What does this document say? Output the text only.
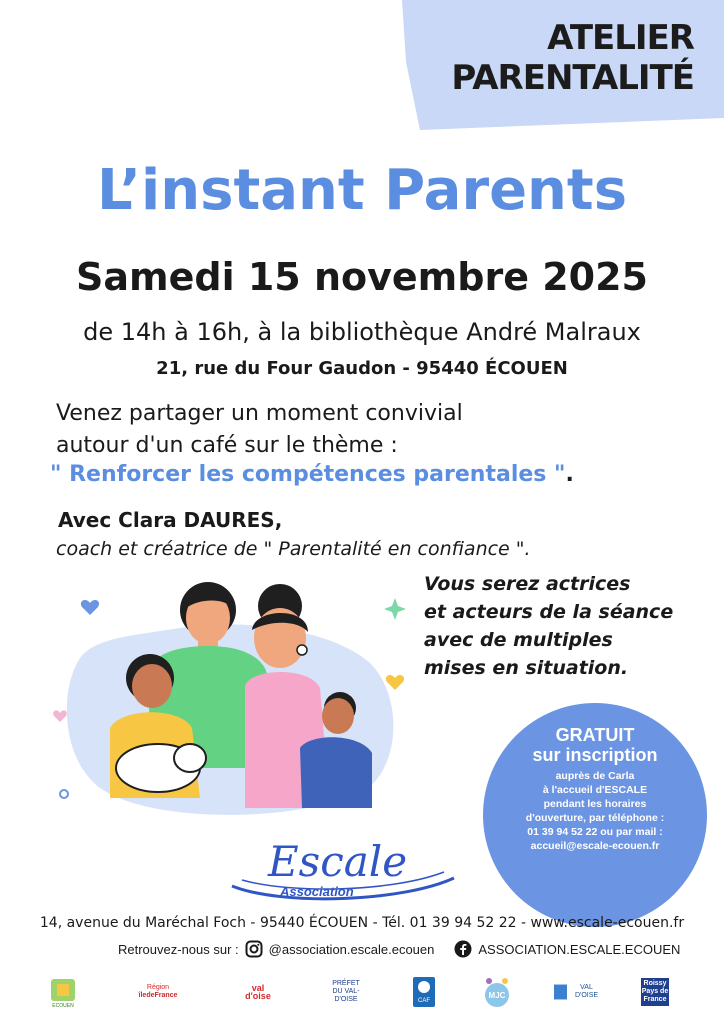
ATELIER
PARENTALITÉ
L’instant Parents
Samedi 15 novembre 2025
de 14h à 16h, à la bibliothèque André Malraux
21, rue du Four Gaudon - 95440 ÉCOUEN
Venez partager un moment convivial
autour d'un café sur le thème :
" Renforcer les compétences parentales ".
Avec Clara DAURES,
coach et créatrice de " Parentalité en confiance ".
Vous serez actrices
et acteurs de la séance
avec de multiples
mises en situation.
GRATUIT
sur inscription
auprès de Carla
à l'accueil d'ESCALE
pendant les horaires
d'ouverture, par téléphone :
01 39 94 52 22 ou par mail :
accueil@escale-ecouen.fr
Escale
Association
14, avenue du Maréchal Foch - 95440 ÉCOUEN - Tél. 01 39 94 52 22 - www.escale-ecouen.fr
Retrouvez-nous sur : @association.escale.ecouen	ASSOCIATION.ESCALE.ECOUEN
ECOUEN
Région
îledeFrance
val
d'oise
PRÉFET
DU VAL-D'OISE	CAF
MJC
VAL D'OISE
Roissy
Pays de
France
